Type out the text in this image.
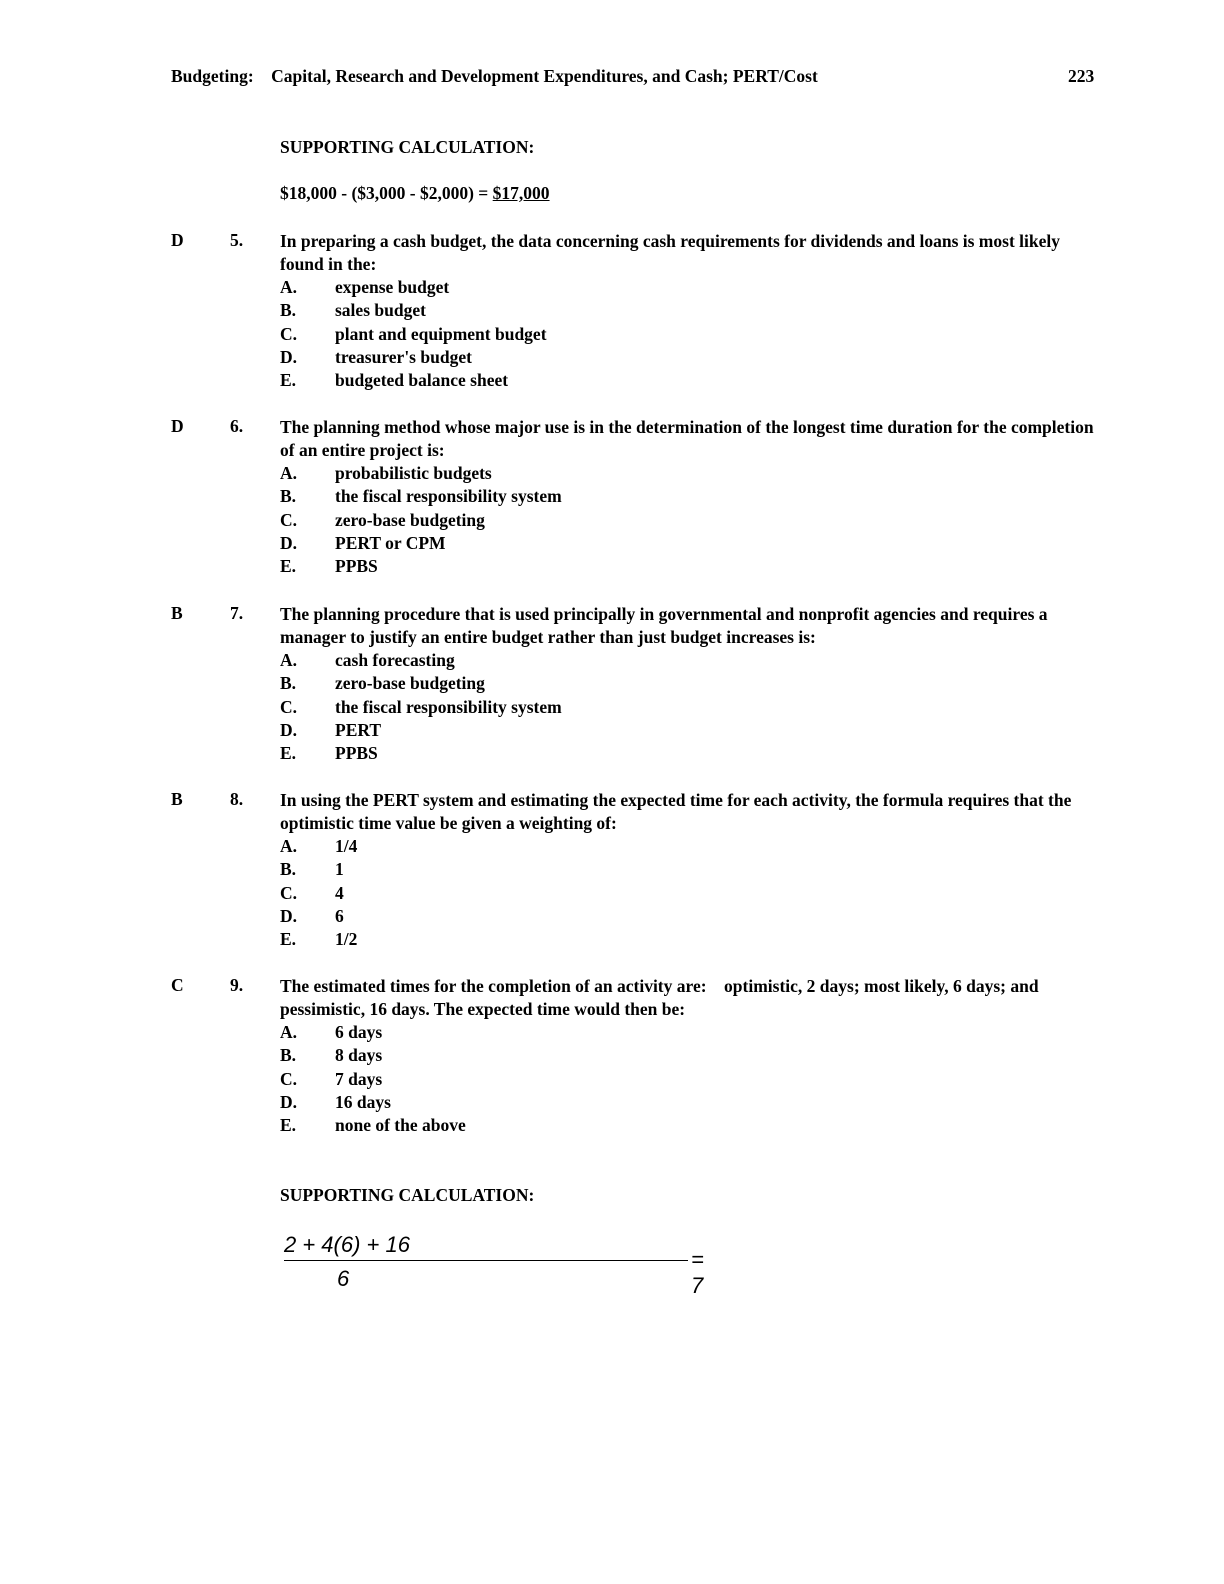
Budgeting:    Capital, Research and Development Expenditures, and Cash; PERT/Cost	223
SUPPORTING CALCULATION:
$18,000 - ($3,000 - $2,000) = $17,000
D	5. In preparing a cash budget, the data concerning cash requirements for dividends and loans is most likely found in the:
A. expense budget
B. sales budget
C. plant and equipment budget
D. treasurer's budget
E. budgeted balance sheet
D	6. The planning method whose major use is in the determination of the longest time duration for the completion of an entire project is:
A. probabilistic budgets
B. the fiscal responsibility system
C. zero-base budgeting
D. PERT or CPM
E. PPBS
B	7. The planning procedure that is used principally in governmental and nonprofit agencies and requires a manager to justify an entire budget rather than just budget increases is:
A. cash forecasting
B. zero-base budgeting
C. the fiscal responsibility system
D. PERT
E. PPBS
B	8. In using the PERT system and estimating the expected time for each activity, the formula requires that the optimistic time value be given a weighting of:
A. 1/4
B. 1
C. 4
D. 6
E. 1/2
C	9. The estimated times for the completion of an activity are:    optimistic, 2 days; most likely, 6 days; and pessimistic, 16 days. The expected time would then be:
A. 6 days
B. 8 days
C. 7 days
D. 16 days
E. none of the above
SUPPORTING CALCULATION:
2 + 4(6) + 16
6
= 7
